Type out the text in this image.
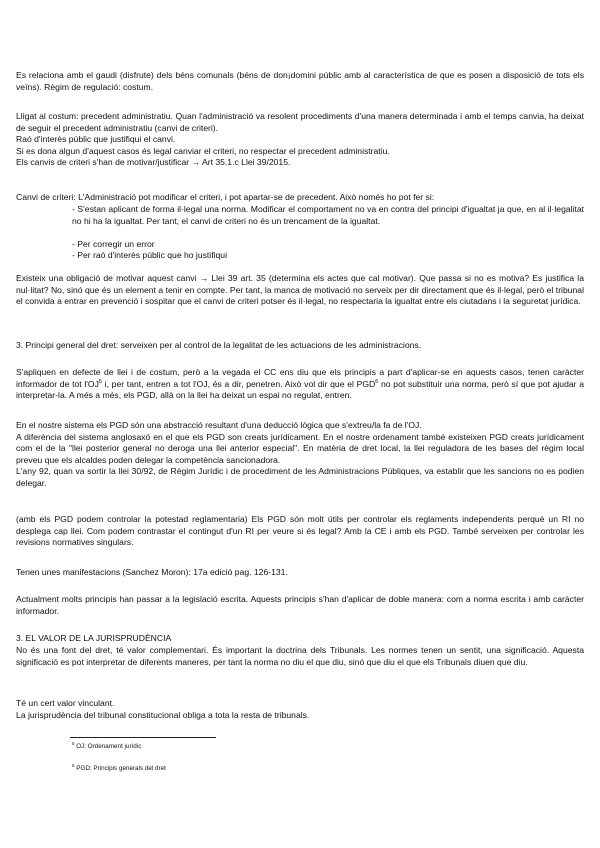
Es relaciona amb el gaudi (disfrute) dels béns comunals (béns de don¡domini públic amb al característica de que es posen a disposició de tots els veïns). Règim de regulació: costum.

Lligat al costum: precedent administratiu. Quan l'administració va resolent procediments d'una manera determinada i amb el temps canvia, ha deixat de seguir el precedent administratiu (canvi de criteri).
Raó d'interès públic que justifiqui el canvi.
Si es dona algun d'aquest casos és legal canviar el criteri, no respectar el precedent administratiu.
Els canvis de criteri s'han de motivar/justificar → Art 35.1.c Llei 39/2015.

Canvi de criteri: L'Administració pot modificar el criteri, i pot apartar-se de precedent. Això només ho pot fer si:

- S'estan aplicant de forma il·legal una norma. Modificar el comportament no va en contra del principi d'igualtat ja que, en al il·legalitat no hi ha la igualtat. Per tant, el canvi de criteri no és un trencament de la igualtat.

- Per corregir un error

- Per raó d'interès públic que ho justifiqui

Existeix una obligació de motivar aquest canvi → Llei 39 art. 35 (determina els actes que cal motivar). Que passa si no es motiva? Es justifica la nul·litat? No, sinó que és un element a tenir en compte. Per tant, la manca de motivació no serveix per dir directament que és il·legal, però el tribunal el convida a entrar en prevenció i sospitar que el canvi de criteri potser és il·legal, no respectaria la igualtat entre els ciutadans i la seguretat jurídica.

3. Principi general del dret: serveixen per al control de la legalitat de les actuacions de les administracions.

S'apliquen en defecte de llei i de costum, però a la vegada el CC ens diu que els principis a part d'aplicar-se en aquests casos, tenen caràcter informador de tot $l'OJ^5$ i, per tant, entren a tot l'OJ, és a dir, penetren. Això vol dir que el PGD$^6$ no pot substituir una norma, però sí que pot ajudar a interpretar-la. A més a més, els PGD, allà on la llei ha deixat un espai no regulat, entren.

En el nostre sistema els PGD són una abstracció resultant d'una deducció lògica que s'extreu/la fa de l'OJ.
A diferència del sistema anglosaxó en el que els PGD son creats jurídicament. En el nostre ordenament també existeixen PGD creats jurídicament com el de la "llei posterior general no deroga una llei anterior especial". En matèria de dret local, la llei reguladora de les bases del règim local preveu que els alcaldes poden delegar la competència sancionadora.
L'any 92, quan va sortir la llei 30/92, de Règim Jurídic i de procediment de les Administracions Públiques, va establir que les sancions no es podien delegar.

(amb els PGD podem controlar la potestad reglamentaria) Els PGD són molt útils per controlar els reglaments independents perquè un RI no desplega cap llei. Com podem contrastar el contingut d'un RI per veure si és legal? Amb la CE i amb els PGD. També serveixen per controlar les revisions normatives singulars.

Tenen unes manifestacions (Sanchez Moron): 17a edició pag. 126-131.

Actualment molts principis han passar a la legislació escrita. Aquests principis s'han d'aplicar de doble manera: com a norma escrita i amb caràcter informador.

3. EL VALOR DE LA JURISPRUDÈNCIA

No és una font del dret, té valor complementari. És important la doctrina dels Tribunals. Les normes tenen un sentit, una significació. Aquesta significació es pot interpretar de diferents maneres, per tant la norma no diu el que diu, sinó que diu el que els Tribunals diuen que diu.

Té un cert valor vinculant.
La jurisprudència del tribunal constitucional obliga a tota la resta de tribunals.

$^5$ OJ: Ordenament jurídic

$^6$ PGD: Principis generals del dret
